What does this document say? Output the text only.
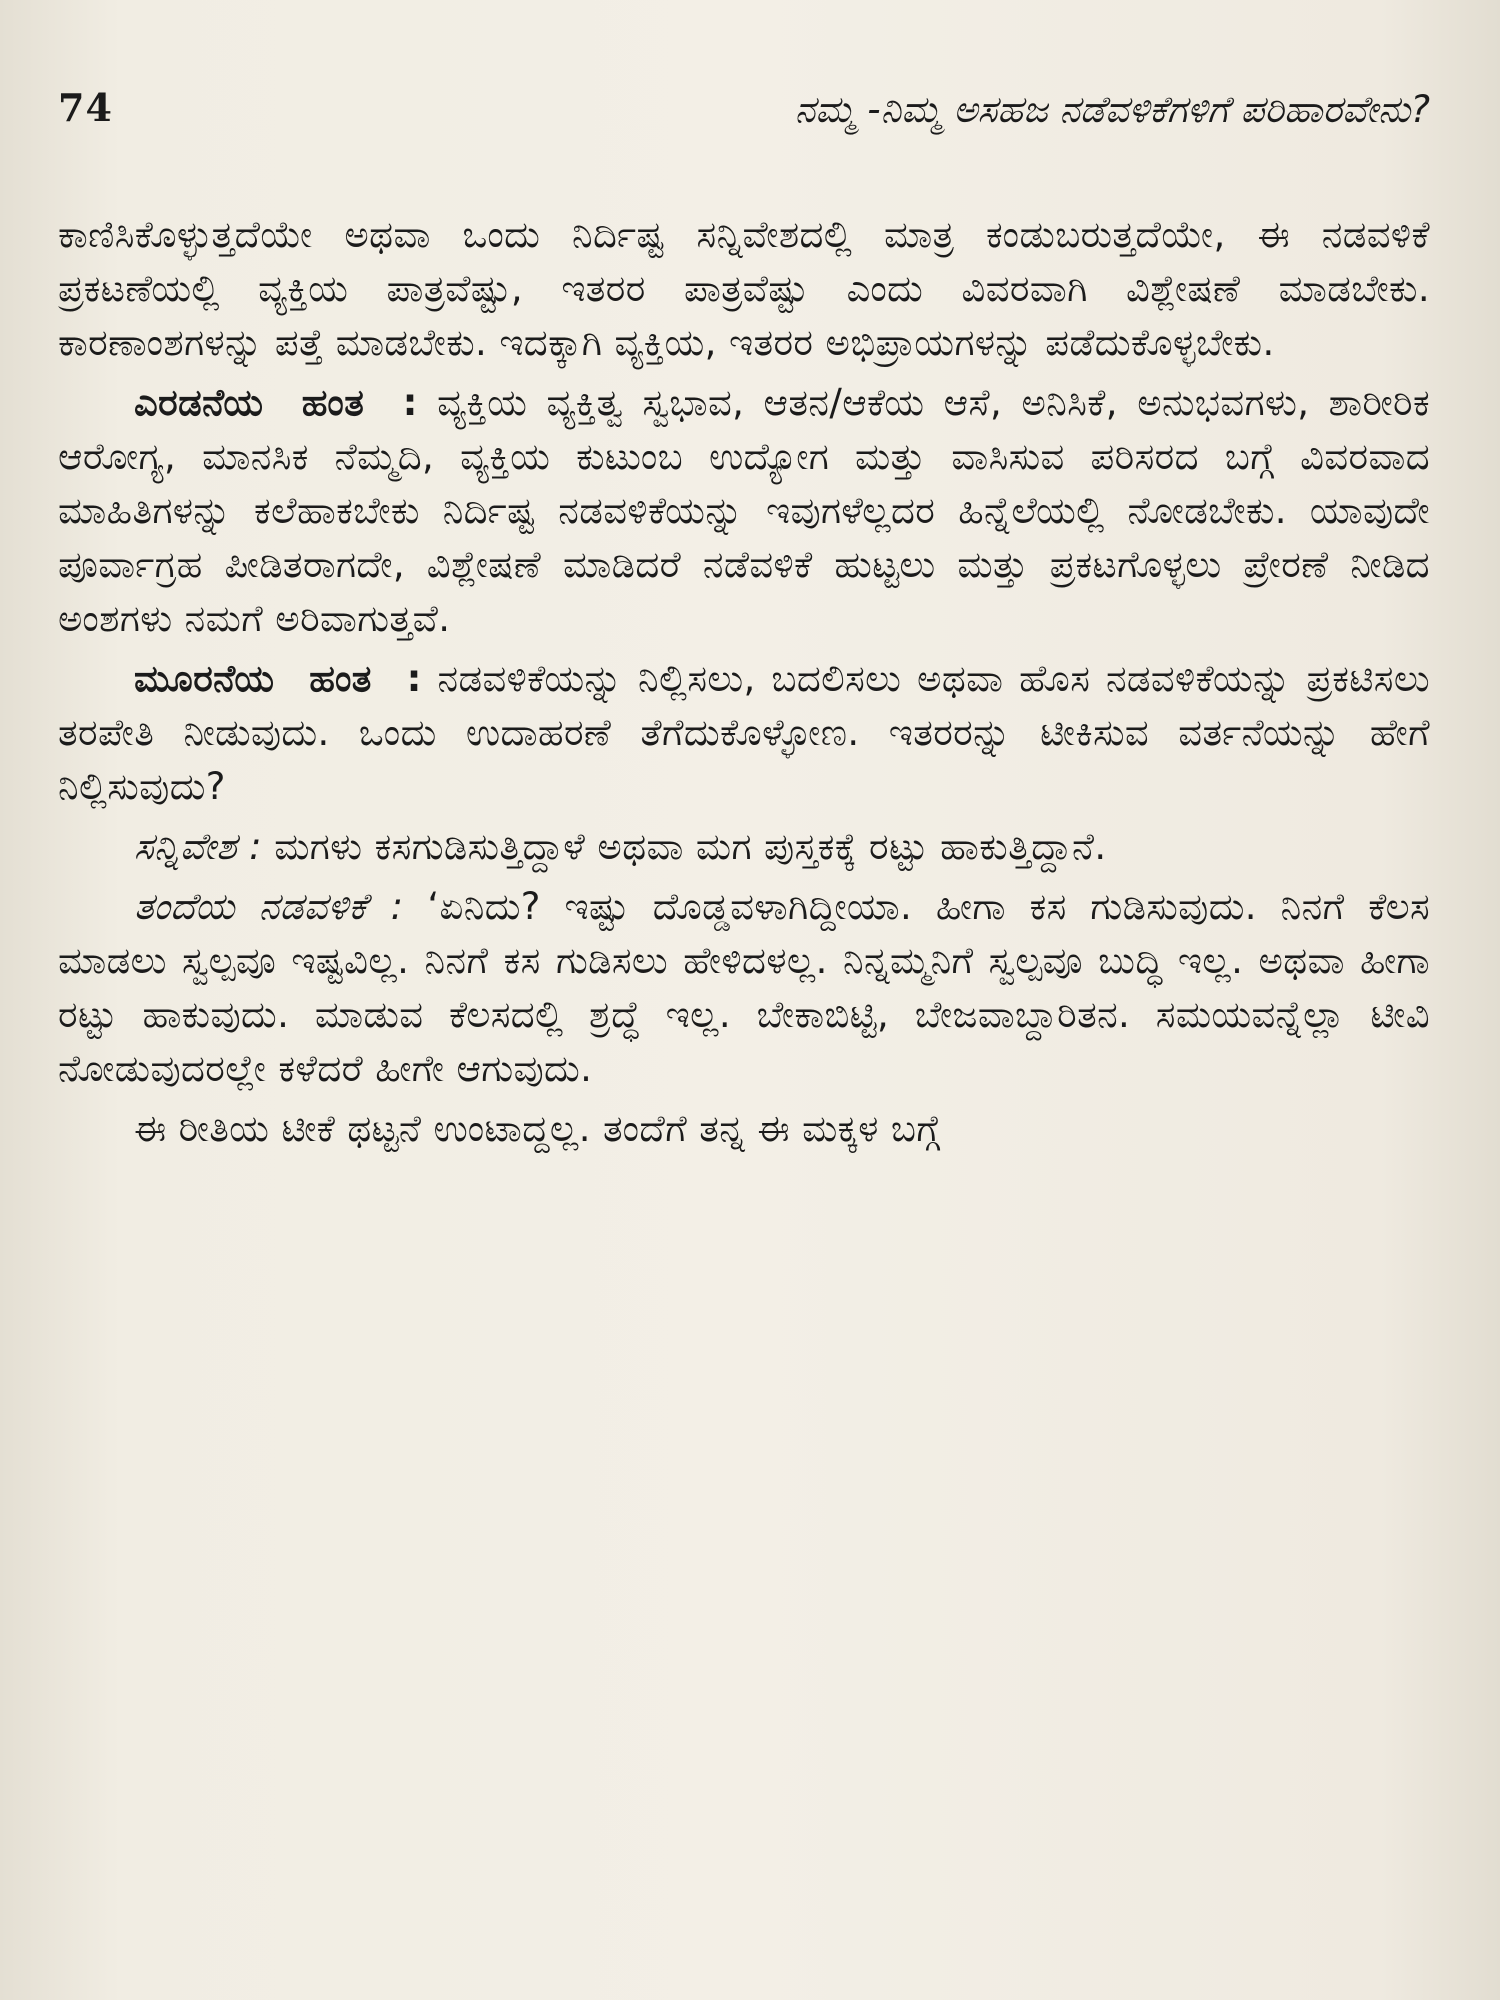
74	ನಮ್ಮ -ನಿಮ್ಮ ಅಸಹಜ ನಡೆವಳಿಕೆಗಳಿಗೆ ಪರಿಹಾರವೇನು?

ಕಾಣಿಸಿಕೊಳ್ಳುತ್ತದೆಯೇ ಅಥವಾ ಒಂದು ನಿರ್ದಿಷ್ಟ ಸನ್ನಿವೇಶದಲ್ಲಿ ಮಾತ್ರ ಕಂಡುಬರುತ್ತದೆಯೇ, ಈ ನಡವಳಿಕೆ ಪ್ರಕಟಣೆಯಲ್ಲಿ ವ್ಯಕ್ತಿಯ ಪಾತ್ರವೆಷ್ಟು, ಇತರರ ಪಾತ್ರವೆಷ್ಟು ಎಂದು ವಿವರವಾಗಿ ವಿಶ್ಲೇಷಣೆ ಮಾಡಬೇಕು. ಕಾರಣಾಂಶಗಳನ್ನು ಪತ್ತೆ ಮಾಡಬೇಕು. ಇದಕ್ಕಾಗಿ ವ್ಯಕ್ತಿಯ, ಇತರರ ಅಭಿಪ್ರಾಯಗಳನ್ನು ಪಡೆದುಕೊಳ್ಳಬೇಕು.

ಎರಡನೆಯ ಹಂತ : ವ್ಯಕ್ತಿಯ ವ್ಯಕ್ತಿತ್ವ ಸ್ವಭಾವ, ಆತನ/ಆಕೆಯ ಆಸೆ, ಅನಿಸಿಕೆ, ಅನುಭವಗಳು, ಶಾರೀರಿಕ ಆರೋಗ್ಯ, ಮಾನಸಿಕ ನೆಮ್ಮದಿ, ವ್ಯಕ್ತಿಯ ಕುಟುಂಬ ಉದ್ಯೋಗ ಮತ್ತು ವಾಸಿಸುವ ಪರಿಸರದ ಬಗ್ಗೆ ವಿವರವಾದ ಮಾಹಿತಿಗಳನ್ನು ಕಲೆಹಾಕಬೇಕು ನಿರ್ದಿಷ್ಟ ನಡವಳಿಕೆಯನ್ನು ಇವುಗಳೆಲ್ಲದರ ಹಿನ್ನೆಲೆಯಲ್ಲಿ ನೋಡಬೇಕು. ಯಾವುದೇ ಪೂರ್ವಾಗ್ರಹ ಪೀಡಿತರಾಗದೇ, ವಿಶ್ಲೇಷಣೆ ಮಾಡಿದರೆ ನಡೆವಳಿಕೆ ಹುಟ್ಟಲು ಮತ್ತು ಪ್ರಕಟಗೊಳ್ಳಲು ಪ್ರೇರಣೆ ನೀಡಿದ ಅಂಶಗಳು ನಮಗೆ ಅರಿವಾಗುತ್ತವೆ.

ಮೂರನೆಯ ಹಂತ : ನಡವಳಿಕೆಯನ್ನು ನಿಲ್ಲಿಸಲು, ಬದಲಿಸಲು ಅಥವಾ ಹೊಸ ನಡವಳಿಕೆಯನ್ನು ಪ್ರಕಟಿಸಲು ತರಪೇತಿ ನೀಡುವುದು. ಒಂದು ಉದಾಹರಣೆ ತೆಗೆದುಕೊಳ್ಳೋಣ. ಇತರರನ್ನು ಟೀಕಿಸುವ ವರ್ತನೆಯನ್ನು ಹೇಗೆ ನಿಲ್ಲಿಸುವುದು?

ಸನ್ನಿವೇಶ : ಮಗಳು ಕಸಗುಡಿಸುತ್ತಿದ್ದಾಳೆ ಅಥವಾ ಮಗ ಪುಸ್ತಕಕ್ಕೆ ರಟ್ಟು ಹಾಕುತ್ತಿದ್ದಾನೆ.

ತಂದೆಯ ನಡವಳಿಕೆ : ‘ಏನಿದು? ಇಷ್ಟು ದೊಡ್ಡವಳಾಗಿದ್ದೀಯಾ. ಹೀಗಾ ಕಸ ಗುಡಿಸುವುದು. ನಿನಗೆ ಕೆಲಸ ಮಾಡಲು ಸ್ವಲ್ಪವೂ ಇಷ್ಟವಿಲ್ಲ. ನಿನಗೆ ಕಸ ಗುಡಿಸಲು ಹೇಳಿದಳಲ್ಲ. ನಿನ್ನಮ್ಮನಿಗೆ ಸ್ವಲ್ಪವೂ ಬುದ್ಧಿ ಇಲ್ಲ. ಅಥವಾ ಹೀಗಾ ರಟ್ಟು ಹಾಕುವುದು. ಮಾಡುವ ಕೆಲಸದಲ್ಲಿ ಶ್ರದ್ಧೆ ಇಲ್ಲ. ಬೇಕಾಬಿಟ್ಟಿ, ಬೇಜವಾಬ್ದಾರಿತನ. ಸಮಯವನ್ನೆಲ್ಲಾ ಟೀವಿ ನೋಡುವುದರಲ್ಲೇ ಕಳೆದರೆ ಹೀಗೇ ಆಗುವುದು.

ಈ ರೀತಿಯ ಟೀಕೆ ಥಟ್ಟನೆ ಉಂಟಾದ್ದಲ್ಲ. ತಂದೆಗೆ ತನ್ನ ಈ ಮಕ್ಕಳ ಬಗ್ಗೆ
